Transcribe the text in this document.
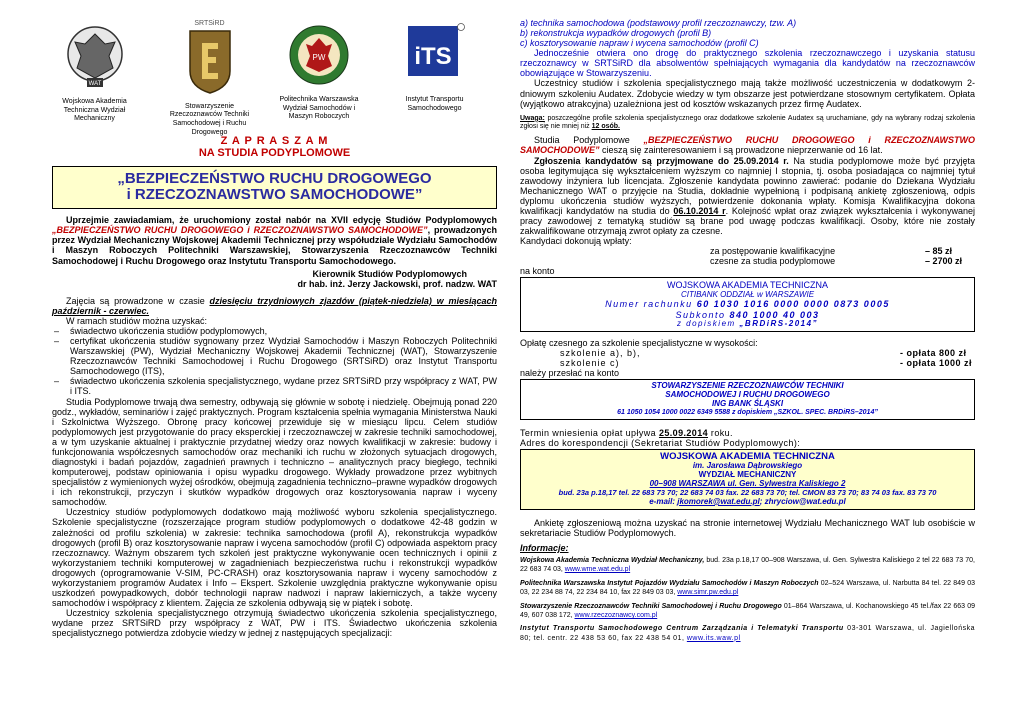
WAT
Wojskowa Akademia Techniczna Wydział Mechaniczny
SRTSiRD
Stowarzyszenie Rzeczoznawców Techniki Samochodowej i Ruchu Drogowego
PW
Politechnika Warszawska Wydział Samochodów i Maszyn Roboczych
iTS
Instytut Transportu Samochodowego
Z A P R A S Z A M
NA STUDIA PODYPLOMOWE
„BEZPIECZEŃSTWO RUCHU DROGOWEGO
i RZECZOZNAWSTWO SAMOCHODOWE”

Uprzejmie zawiadamiam, że uruchomiony został nabór na XVII edycję Studiów Podyplomowych „BEZPIECZEŃSTWO RUCHU DROGOWEGO i RZECZOZNAWSTWO SAMOCHODOWE”, prowadzonych przez Wydział Mechaniczny Wojskowej Akademii Technicznej przy współudziale Wydziału Samochodów i Maszyn Roboczych Politechniki Warszawskiej, Stowarzyszenia Rzeczoznawców Techniki Samochodowej i Ruchu Drogowego oraz Instytutu Transportu Samochodowego.

Kierownik Studiów Podyplomowych
dr hab. inż. Jerzy Jackowski, prof. nadzw. WAT

Zajęcia są prowadzone w czasie dziesięciu trzydniowych zjazdów (piątek-niedziela) w miesiącach październik - czerwiec.

W ramach studiów można uzyskać:

– świadectwo ukończenia studiów podyplomowych,
– certyfikat ukończenia studiów sygnowany przez Wydział Samochodów i Maszyn Roboczych Politechniki Warszawskiej (PW), Wydział Mechaniczny Wojskowej Akademii Technicznej (WAT), Stowarzyszenie Rzeczoznawców Techniki Samochodowej i Ruchu Drogowego (SRTSiRD) oraz Instytut Transportu Samochodowego (ITS),
– świadectwo ukończenia szkolenia specjalistycznego, wydane przez SRTSiRD przy współpracy z WAT, PW i ITS.

Studia Podyplomowe trwają dwa semestry, odbywają się głównie w sobotę i niedzielę. Obejmują ponad 220 godz., wykładów, seminariów i zajęć praktycznych. Program kształcenia spełnia wymagania Ministerstwa Nauki i Szkolnictwa Wyższego. Obronę pracy końcowej przewiduje się w miesiącu lipcu. Celem studiów podyplomowych jest przygotowanie do pracy eksperckiej i rzeczoznawczej w zakresie techniki samochodowej, a w tym uzyskanie aktualnej i praktycznie przydatnej wiedzy oraz nowych kwalifikacji w zakresie: budowy i funkcjonowania współczesnych samochodów oraz mechaniki ich ruchu w złożonych sytuacjach drogowych, diagnostyki i badań pojazdów, zagadnień prawnych i techniczno – analitycznych pracy biegłego, techniki komputerowej, podstaw opiniowania i opisu wypadku drogowego. Wykłady prowadzone przez wybitnych specjalistów z wymienionych wyżej ośrodków, obejmują zagadnienia techniczno–prawne wypadków drogowych i ich rekonstrukcji, przyczyn i skutków wypadków drogowych oraz kosztorysowania napraw i wyceny samochodów.

Uczestnicy studiów podyplomowych dodatkowo mają możliwość wyboru szkolenia specjalistycznego. Szkolenie specjalistyczne (rozszerzające program studiów podyplomowych o dodatkowe 42-48 godzin w zależności od profilu szkolenia) w zakresie: technika samochodowa (profil A), rekonstrukcja wypadków drogowych (profil B) oraz kosztorysowanie napraw i wycena samochodów (profil C) odpowiada aspektom pracy rzeczoznawcy. Ważnym obszarem tych szkoleń jest praktyczne wykonywanie ocen technicznych i opinii z wykorzystaniem techniki komputerowej w zagadnieniach bezpieczeństwa ruchu i rekonstrukcji wypadków drogowych (oprogramowanie V-SIM, PC-CRASH) oraz kosztorysowania napraw i wyceny samochodów z wykorzystaniem programów Audatex i Info – Ekspert. Szkolenie uwzględnia praktyczne wykonywanie opisu uszkodzeń powypadkowych, dobór technologii napraw nadwozi i napraw lakierniczych, a także wyceny samochodów i współpracy z klientem. Zajęcia ze szkolenia odbywają się w piątek i sobotę.

Uczestnicy szkolenia specjalistycznego otrzymują świadectwo ukończenia szkolenia specjalistycznego, wydane przez SRTSiRD przy współpracy z WAT, PW i ITS. Świadectwo ukończenia szkolenia specjalistycznego potwierdza zdobycie wiedzy w jednej z następujących specjalizacji:

a) technika samochodowa (podstawowy profil rzeczoznawczy, tzw. A)
b) rekonstrukcja wypadków drogowych (profil B)
c) kosztorysowanie napraw i wycena samochodów (profil C)

Jednocześnie otwiera ono drogę do praktycznego szkolenia rzeczoznawczego i uzyskania statusu rzeczoznawcy w SRTSiRD dla absolwentów spełniających wymagania dla kandydatów na rzeczoznawców obowiązujące w Stowarzyszeniu.

Uczestnicy studiów i szkolenia specjalistycznego mają także możliwość uczestniczenia w dodatkowym 2-dniowym szkoleniu Audatex. Zdobycie wiedzy w tym obszarze jest potwierdzane stosownym certyfikatem. Opłata (wyjątkowo atrakcyjna) uzależniona jest od kosztów wskazanych przez firmę Audatex.

Uwaga: poszczególne profile szkolenia specjalistycznego oraz dodatkowe szkolenie Audatex są uruchamiane, gdy na wybrany rodzaj szkolenia zgłosi się nie mniej niż 12 osób.

Studia Podyplomowe „BEZPIECZEŃSTWO RUCHU DROGOWEGO i RZECZOZNAWSTWO SAMOCHODOWE” cieszą się zainteresowaniem i są prowadzone nieprzerwanie od 16 lat.

Zgłoszenia kandydatów są przyjmowane do 25.09.2014 r. Na studia podyplomowe może być przyjęta osoba legitymująca się wykształceniem wyższym co najmniej I stopnia, tj. osoba posiadająca co najmniej tytuł zawodowy inżyniera lub licencjata. Zgłoszenie kandydata powinno zawierać: podanie do Dziekana Wydziału Mechanicznego WAT o przyjęcie na Studia, dokładnie wypełnioną i podpisaną ankietę zgłoszeniową, odpis dyplomu ukończenia studiów wyższych, potwierdzenie dokonania wpłaty. Komisja Kwalifikacyjna dokona kwalifikacji kandydatów na studia do 06.10.2014 r. Kolejność wpłat oraz związek wykształcenia i wykonywanej pracy zawodowej z tematyką studiów są brane pod uwagę podczas kwalifikacji. Osoby, które nie zostały zakwalifikowane otrzymają zwrot opłaty za czesne.

Kandydaci dokonują wpłaty:
za postępowanie kwalifikacyjne	– 85 zł
czesne za studia podyplomowe	– 2700 zł
na konto
WOJSKOWA AKADEMIA TECHNICZNA
CITIBANK ODDZIAŁ w WARSZAWIE
Numer rachunku 60 1030 1016 0000 0000 0873 0005
Subkonto 840 1000 40 003
z dopiskiem „BRDiRS-2014”
Opłatę czesnego za szkolenie specjalistyczne w wysokości:
szkolenie a), b),	- opłata 800 zł
szkolenie c)	- opłata 1000 zł
należy przesłać na konto
STOWARZYSZENIE RZECZOZNAWCÓW TECHNIKI
SAMOCHODOWEJ I RUCHU DROGOWEGO
ING BANK ŚLĄSKI
61 1050 1054 1000 0022 6349 5588 z dopiskiem „SZKOL. SPEC. BRDiRS–2014”
Termin wniesienia opłat upływa 25.09.2014 roku.
Adres do korespondencji (Sekretariat Studiów Podyplomowych):
WOJSKOWA AKADEMIA TECHNICZNA
im. Jarosława Dąbrowskiego
WYDZIAŁ MECHANICZNY
00–908 WARSZAWA ul. Gen. Sylwestra Kaliskiego 2
bud. 23a p.18,17 tel. 22 683 73 70; 22 683 74 03 fax. 22 683 73 70; tel. CMON 83 73 70; 83 74 03 fax. 83 73 70
e-mail: jkomorek@wat.edu.pl; zhryciow@wat.edu.pl

Ankietę zgłoszeniową można uzyskać na stronie internetowej Wydziału Mechanicznego WAT lub osobiście w sekretariacie Studiów Podyplomowych.

Informacje:

Wojskowa Akademia Techniczna Wydział Mechaniczny, bud. 23a p.18,17 00–908 Warszawa, ul. Gen. Sylwestra Kaliskiego 2 tel 22 683 73 70, 22 683 74 03, www.wme.wat.edu.pl

Politechnika Warszawska Instytut Pojazdów Wydziału Samochodów i Maszyn Roboczych 02–524 Warszawa, ul. Narbutta 84 tel. 22 849 03 03, 22 234 88 74, 22 234 84 10, fax 22 849 03 03, www.simr.pw.edu.pl

Stowarzyszenie Rzeczoznawców Techniki Samochodowej i Ruchu Drogowego 01–864 Warszawa, ul. Kochanowskiego 45 tel./fax 22 663 09 49, 607 038 172, www.rzeczoznawcy.com.pl

Instytut Transportu Samochodowego Centrum Zarządzania i Telematyki Transportu 03-301 Warszawa, ul. Jagiellońska 80; tel. centr. 22 438 53 60, fax 22 438 54 01, www.its.waw.pl
